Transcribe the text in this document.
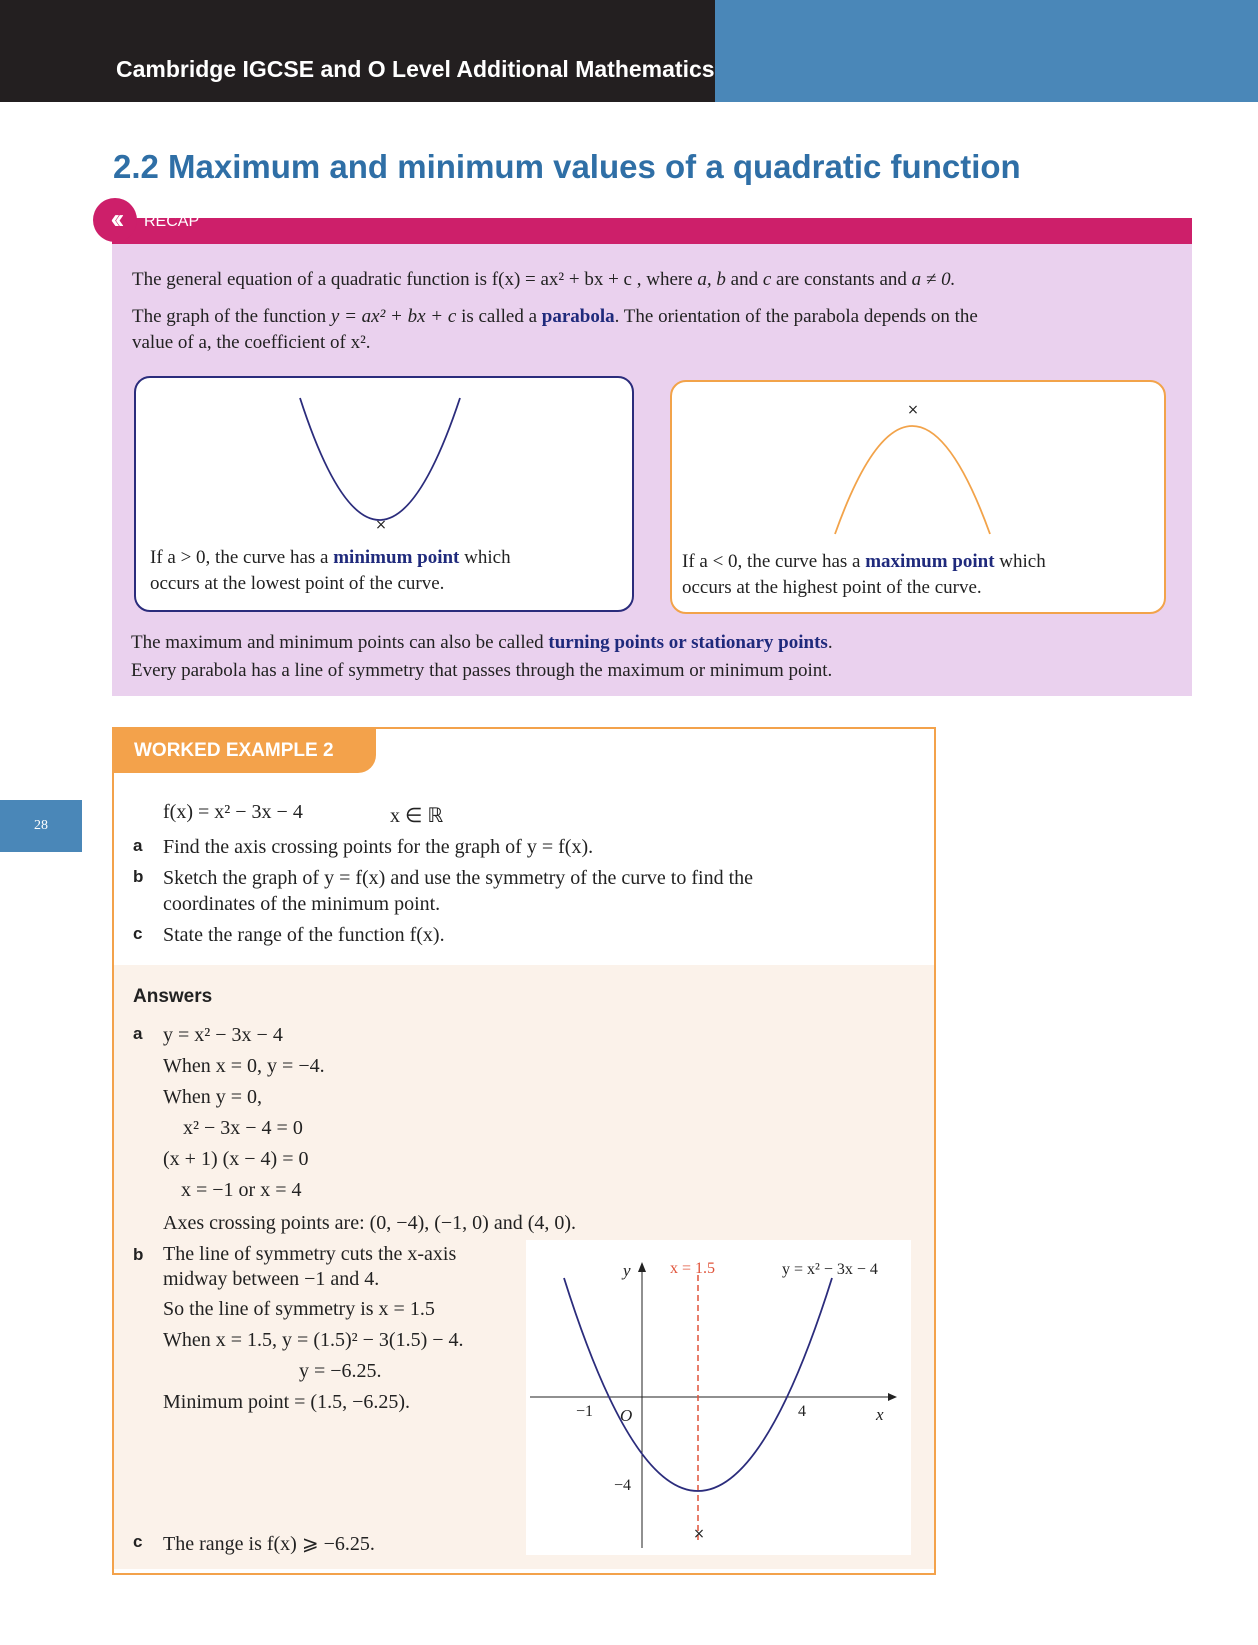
Cambridge IGCSE and O Level Additional Mathematics
28
2.2 Maximum and minimum values of a quadratic function
‹‹	RECAP
The general equation of a quadratic function is f(x) = ax² + bx + c , where a, b and c are constants and a ≠ 0.
The graph of the function y = ax² + bx + c is called a parabola. The orientation of the parabola depends on the
value of a, the coefficient of x².
×
If a > 0, the curve has a minimum point which
occurs at the lowest point of the curve.
×
If a < 0, the curve has a maximum point which
occurs at the highest point of the curve.
The maximum and minimum points can also be called turning points or stationary points.
Every parabola has a line of symmetry that passes through the maximum or minimum point.
WORKED EXAMPLE 2
f(x) = x² − 3x − 4	x ∈ ℝ
a Find the axis crossing points for the graph of y = f(x).
b Sketch the graph of y = f(x) and use the symmetry of the curve to find the
coordinates of the minimum point.
c State the range of the function f(x).
Answers
a y = x² − 3x − 4
When x = 0, y = −4.
When y = 0,
x² − 3x − 4 = 0
(x + 1) (x − 4) = 0
x = −1 or x = 4
Axes crossing points are: (0, −4), (−1, 0) and (4, 0).
b The line of symmetry cuts the x-axis
midway between −1 and 4.
So the line of symmetry is x = 1.5
When x = 1.5, y = (1.5)² − 3(1.5) − 4.
y = −6.25.
Minimum point = (1.5, −6.25).
c The range is f(x) ⩾ −6.25.	×
y
x
O
x = 1.5	y = x² − 3x − 4
−1	4
−4
